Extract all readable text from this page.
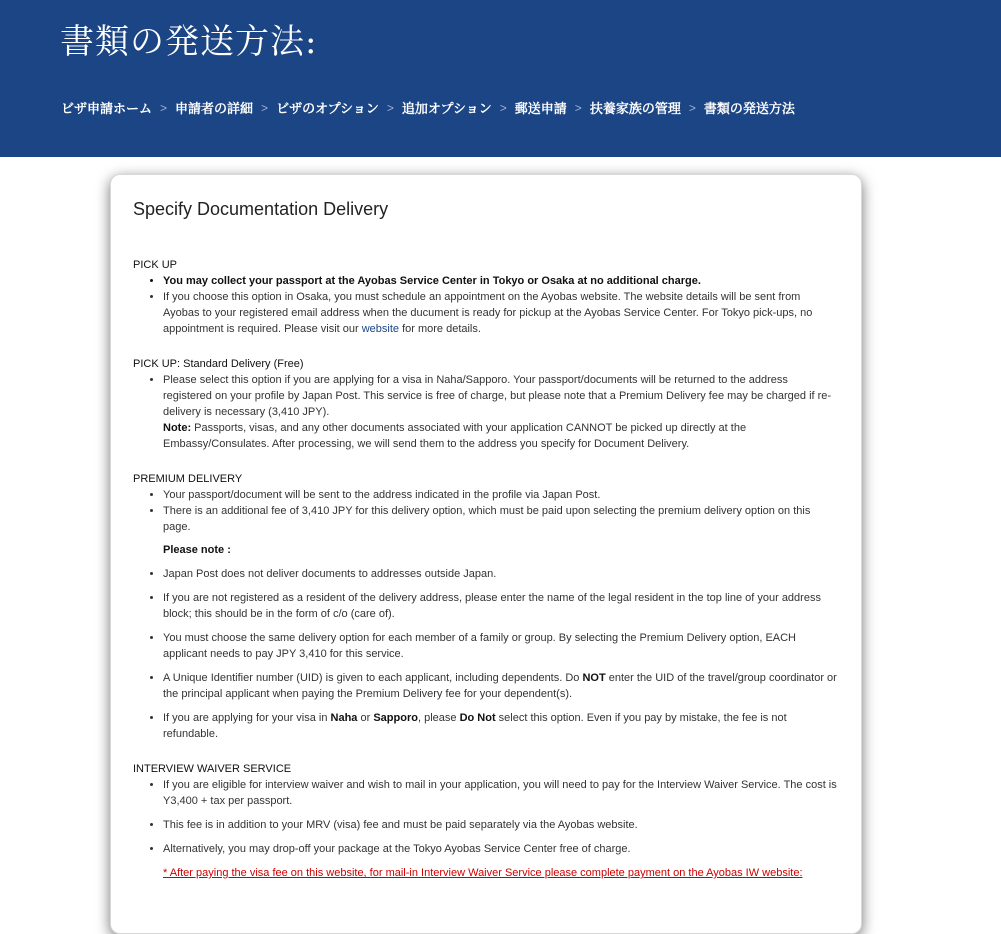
書類の発送方法:
ビザ申請ホーム > 申請者の詳細 > ビザのオプション > 追加オプション > 郵送申請 > 扶養家族の管理 > 書類の発送方法
Specify Documentation Delivery
PICK UP
• You may collect your passport at the Ayobas Service Center in Tokyo or Osaka at no additional charge.
• If you choose this option in Osaka, you must schedule an appointment on the Ayobas website. The website details will be sent from Ayobas to your registered email address when the ducument is ready for pickup at the Ayobas Service Center. For Tokyo pick-ups, no appointment is required. Please visit our website for more details.
PICK UP: Standard Delivery (Free)
• Please select this option if you are applying for a visa in Naha/Sapporo. Your passport/documents will be returned to the address registered on your profile by Japan Post. This service is free of charge, but please note that a Premium Delivery fee may be charged if re-delivery is necessary (3,410 JPY).
Note: Passports, visas, and any other documents associated with your application CANNOT be picked up directly at the Embassy/Consulates. After processing, we will send them to the address you specify for Document Delivery.
PREMIUM DELIVERY
• Your passport/document will be sent to the address indicated in the profile via Japan Post.
• There is an additional fee of 3,410 JPY for this delivery option, which must be paid upon selecting the premium delivery option on this page.
Please note :
• Japan Post does not deliver documents to addresses outside Japan.
• If you are not registered as a resident of the delivery address, please enter the name of the legal resident in the top line of your address block; this should be in the form of c/o (care of).
• You must choose the same delivery option for each member of a family or group. By selecting the Premium Delivery option, EACH applicant needs to pay JPY 3,410 for this service.
• A Unique Identifier number (UID) is given to each applicant, including dependents. Do NOT enter the UID of the travel/group coordinator or the principal applicant when paying the Premium Delivery fee for your dependent(s).
• If you are applying for your visa in Naha or Sapporo, please Do Not select this option. Even if you pay by mistake, the fee is not refundable.
INTERVIEW WAIVER SERVICE
• If you are eligible for interview waiver and wish to mail in your application, you will need to pay for the Interview Waiver Service. The cost is Y3,400 + tax per passport.
• This fee is in addition to your MRV (visa) fee and must be paid separately via the Ayobas website.
• Alternatively, you may drop-off your package at the Tokyo Ayobas Service Center free of charge.
* After paying the visa fee on this website, for mail-in Interview Waiver Service please complete payment on the Ayobas IW website:
